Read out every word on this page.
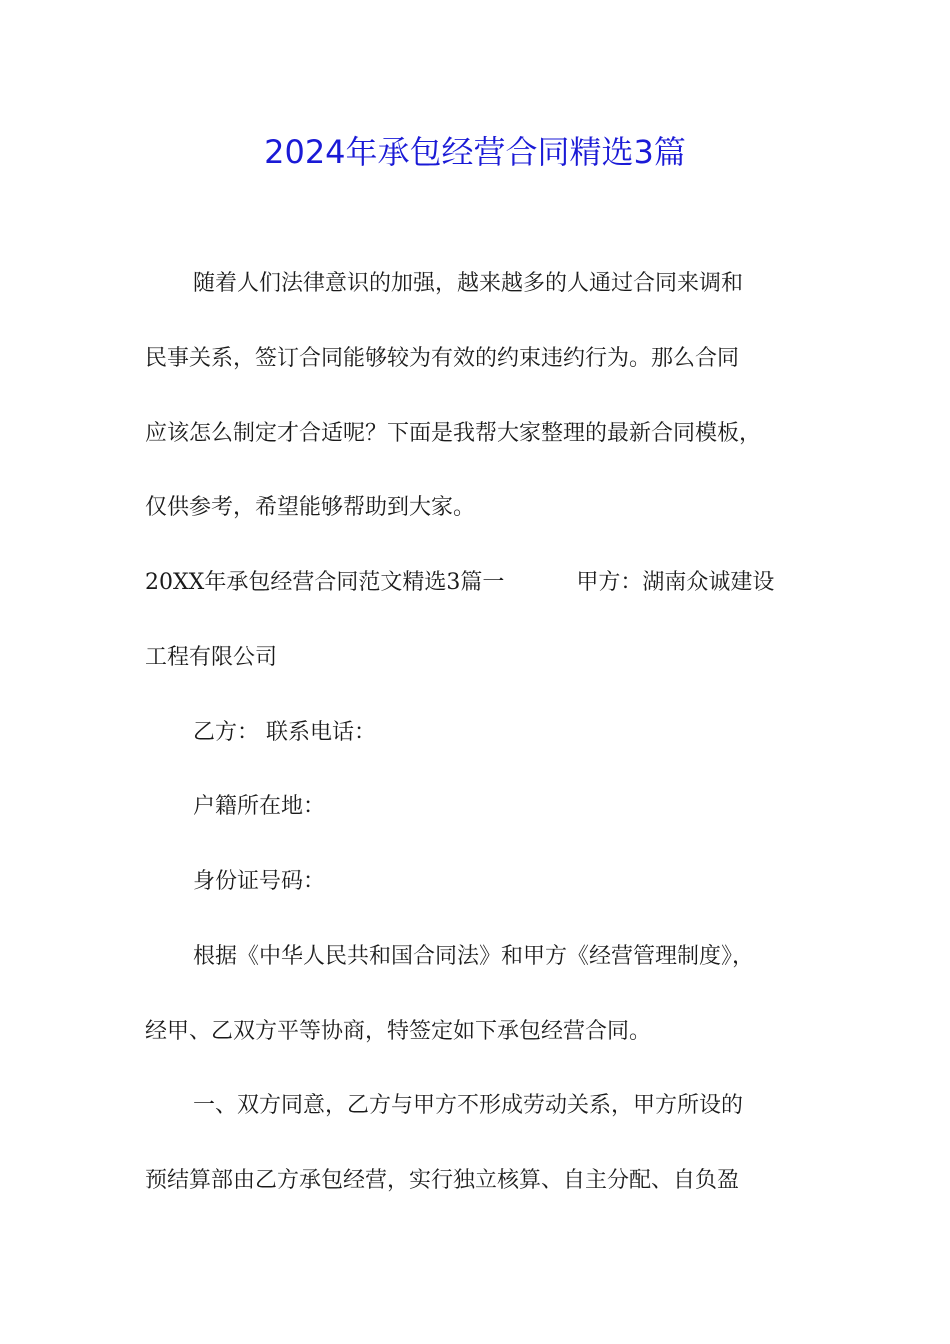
2024年承包经营合同精选3篇

随着人们法律意识的加强，越来越多的人通过合同来调和

民事关系，签订合同能够较为有效的约束违约行为。那么合同

应该怎么制定才合适呢？下面是我帮大家整理的最新合同模板，

仅供参考，希望能够帮助到大家。

20XX年承包经营合同范文精选3篇一	甲方：湖南众诚建设

工程有限公司

乙方： 联系电话：

户籍所在地：

身份证号码：

根据《中华人民共和国合同法》和甲方《经营管理制度》，

经甲、乙双方平等协商，特签定如下承包经营合同。

一、双方同意，乙方与甲方不形成劳动关系，甲方所设的

预结算部由乙方承包经营，实行独立核算、自主分配、自负盈
